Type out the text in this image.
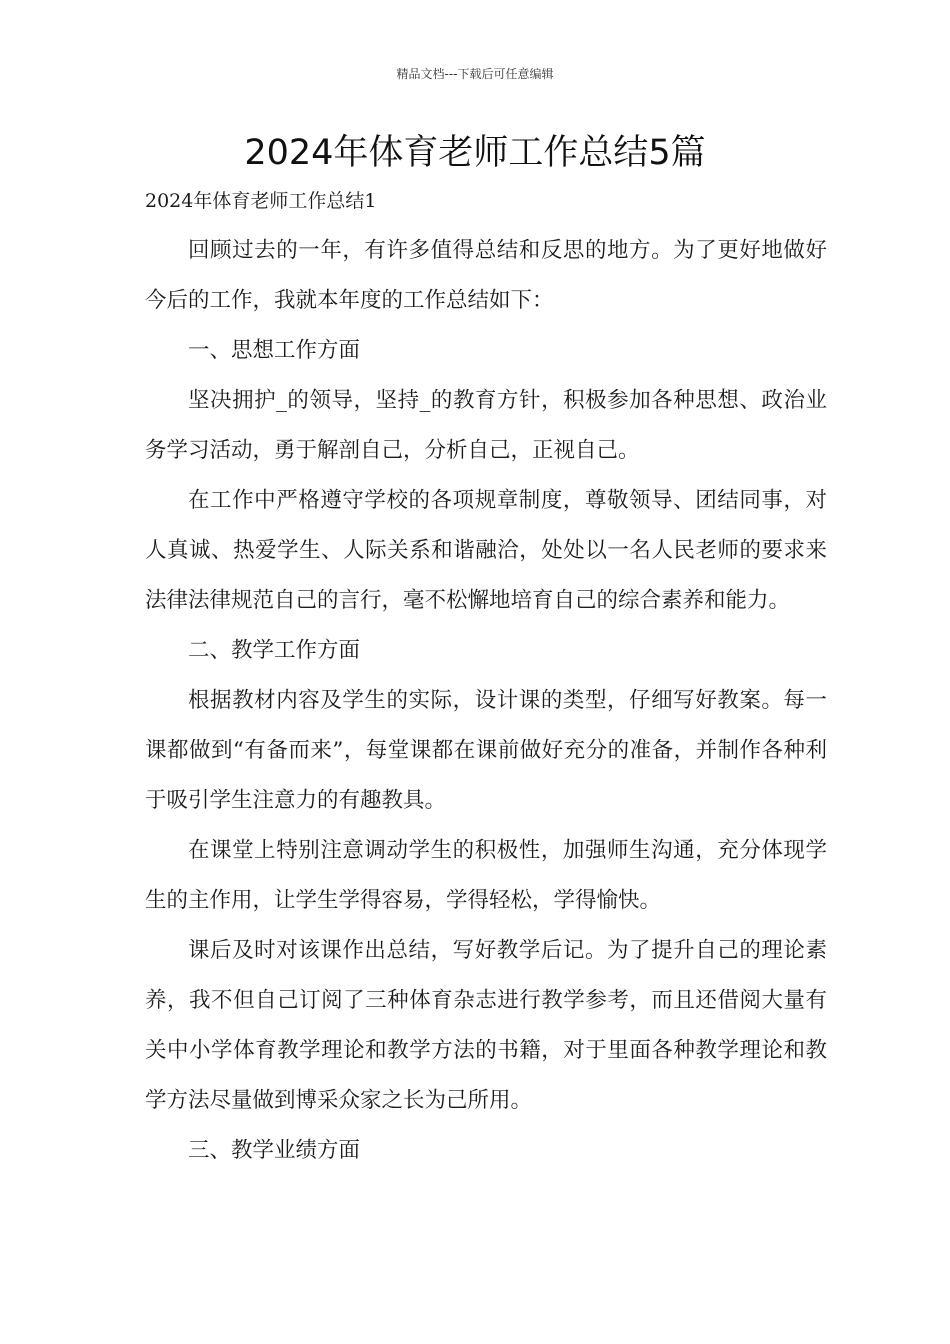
精品文档---下载后可任意编辑
2024年体育老师工作总结5篇

2024年体育老师工作总结1

回顾过去的一年，有许多值得总结和反思的地方。为了更好地做好今后的工作，我就本年度的工作总结如下：

一、思想工作方面

坚决拥护_的领导，坚持_的教育方针，积极参加各种思想、政治业务学习活动，勇于解剖自己，分析自己，正视自己。

在工作中严格遵守学校的各项规章制度，尊敬领导、团结同事，对人真诚、热爱学生、人际关系和谐融洽，处处以一名人民老师的要求来法律法律规范自己的言行，毫不松懈地培育自己的综合素养和能力。

二、教学工作方面

根据教材内容及学生的实际，设计课的类型，仔细写好教案。每一课都做到“有备而来”，每堂课都在课前做好充分的准备，并制作各种利于吸引学生注意力的有趣教具。

在课堂上特别注意调动学生的积极性，加强师生沟通，充分体现学生的主作用，让学生学得容易，学得轻松，学得愉快。

课后及时对该课作出总结，写好教学后记。为了提升自己的理论素养，我不但自己订阅了三种体育杂志进行教学参考，而且还借阅大量有关中小学体育教学理论和教学方法的书籍，对于里面各种教学理论和教学方法尽量做到博采众家之长为己所用。

三、教学业绩方面
